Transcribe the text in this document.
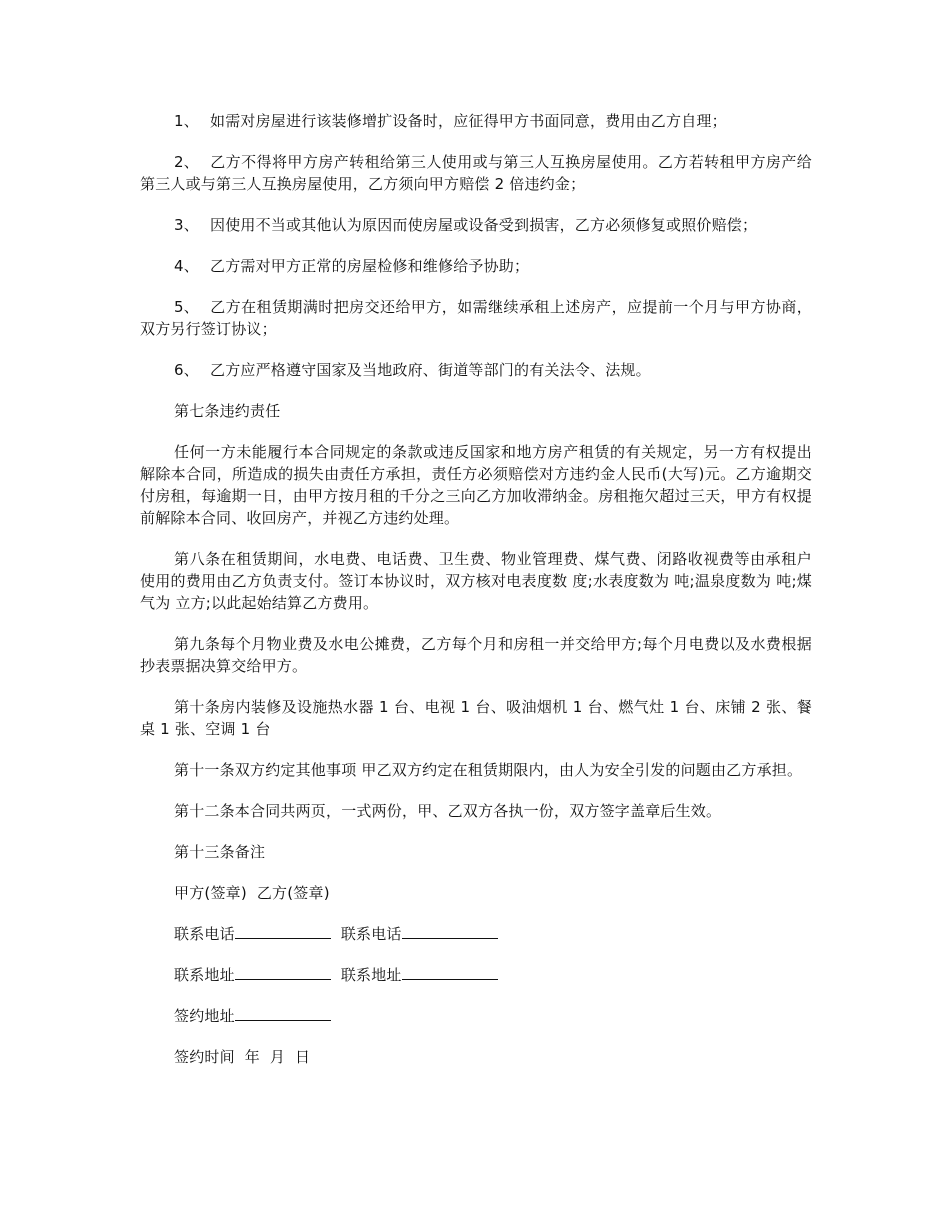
1、 如需对房屋进行该装修增扩设备时，应征得甲方书面同意，费用由乙方自理；

2、 乙方不得将甲方房产转租给第三人使用或与第三人互换房屋使用。乙方若转租甲方房产给第三人或与第三人互换房屋使用，乙方须向甲方赔偿 2 倍违约金；

3、 因使用不当或其他认为原因而使房屋或设备受到损害，乙方必须修复或照价赔偿；

4、 乙方需对甲方正常的房屋检修和维修给予协助；

5、 乙方在租赁期满时把房交还给甲方，如需继续承租上述房产，应提前一个月与甲方协商，双方另行签订协议；

6、 乙方应严格遵守国家及当地政府、街道等部门的有关法令、法规。

第七条违约责任

任何一方未能履行本合同规定的条款或违反国家和地方房产租赁的有关规定，另一方有权提出解除本合同，所造成的损失由责任方承担，责任方必须赔偿对方违约金人民币(大写)元。乙方逾期交付房租，每逾期一日，由甲方按月租的千分之三向乙方加收滞纳金。房租拖欠超过三天，甲方有权提前解除本合同、收回房产，并视乙方违约处理。

第八条在租赁期间，水电费、电话费、卫生费、物业管理费、煤气费、闭路收视费等由承租户使用的费用由乙方负责支付。签订本协议时，双方核对电表度数 度;水表度数为 吨;温泉度数为 吨;煤气为 立方;以此起始结算乙方费用。

第九条每个月物业费及水电公摊费，乙方每个月和房租一并交给甲方;每个月电费以及水费根据抄表票据决算交给甲方。

第十条房内装修及设施热水器 1 台、电视 1 台、吸油烟机 1 台、燃气灶 1 台、床铺 2 张、餐桌 1 张、空调 1 台

第十一条双方约定其他事项 甲乙双方约定在租赁期限内，由人为安全引发的问题由乙方承担。

第十二条本合同共两页，一式两份，甲、乙双方各执一份，双方签字盖章后生效。

第十三条备注

甲方(签章) 乙方(签章)

联系电话	联系电话

联系地址	联系地址

签约地址

签约时间  年  月  日
